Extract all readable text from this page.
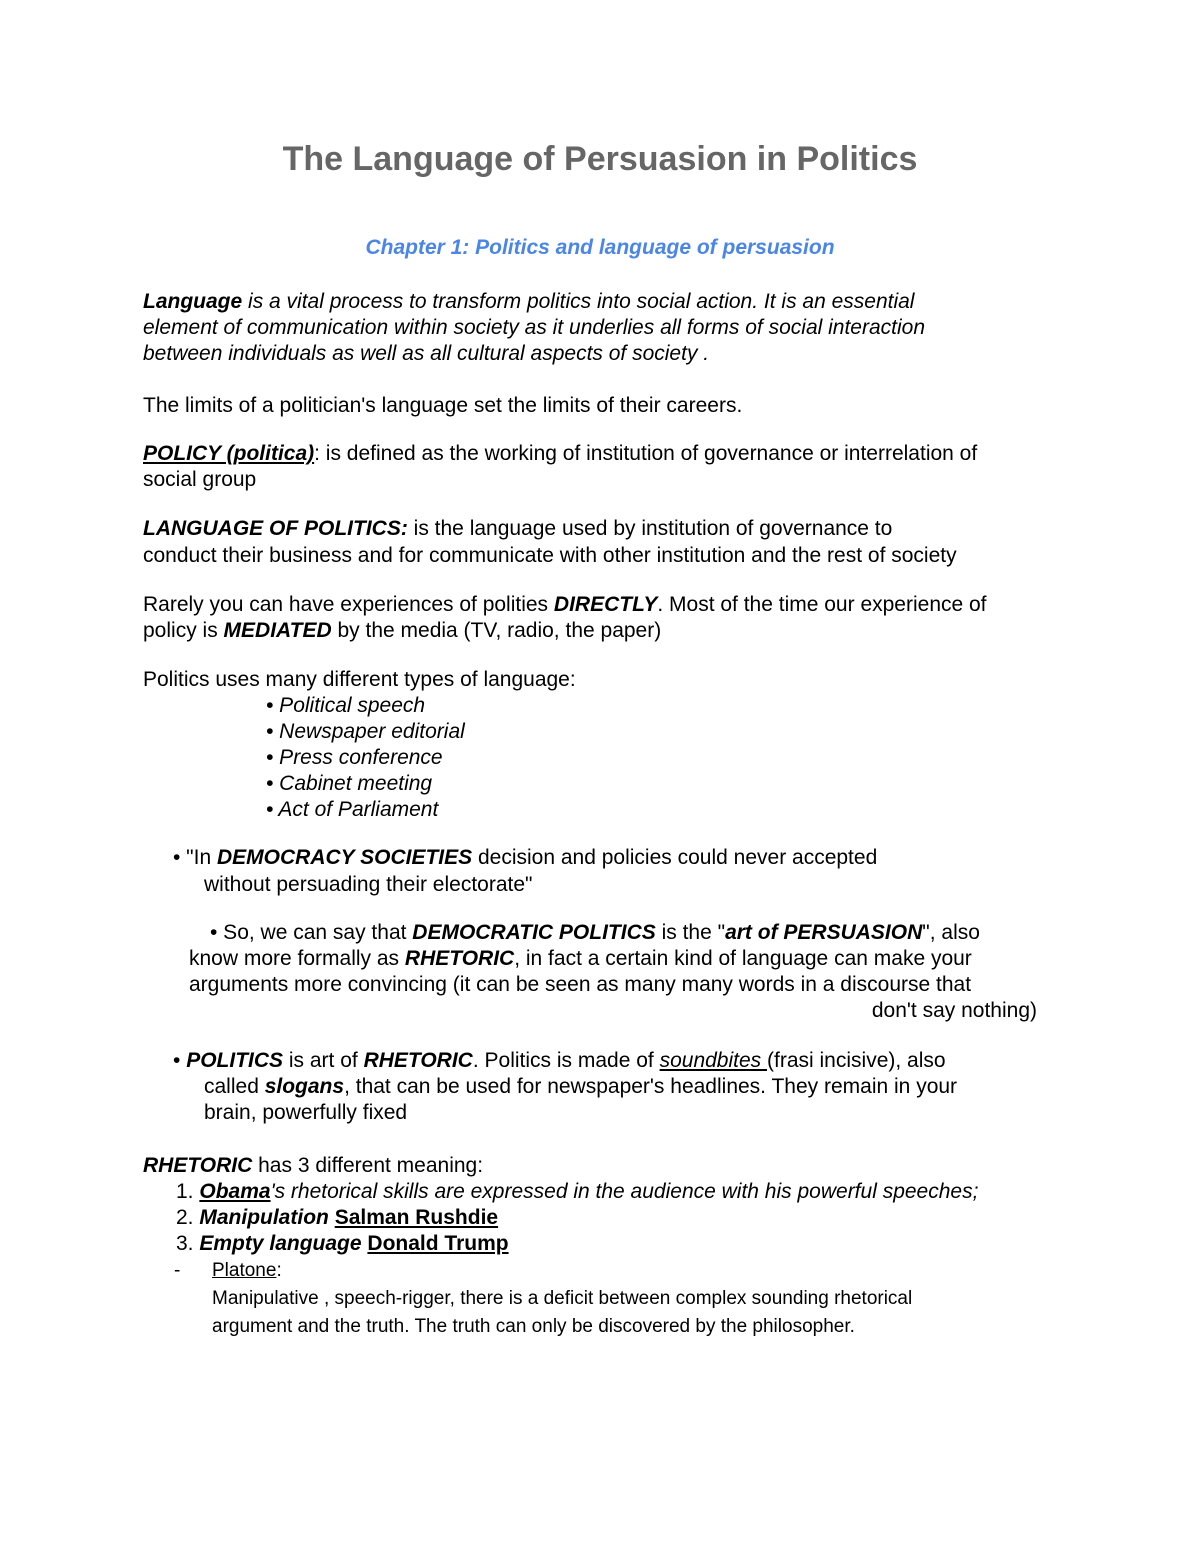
The Language of Persuasion in Politics
Chapter 1: Politics and language of persuasion
Language is a vital process to transform politics into social action. It is an essential
element of communication within society as it underlies all forms of social interaction
between individuals as well as all cultural aspects of society .
The limits of a politician's language set the limits of their careers.
POLICY (politica): is defined as the working of institution of governance or interrelation of
social group
LANGUAGE OF POLITICS: is the language used by institution of governance to
conduct their business and for communicate with other institution and the rest of society
Rarely you can have experiences of polities DIRECTLY. Most of the time our experience of
policy is MEDIATED by the media (TV, radio, the paper)
Politics uses many different types of language:
• Political speech
• Newspaper editorial
• Press conference
• Cabinet meeting
• Act of Parliament
• "In DEMOCRACY SOCIETIES decision and policies could never accepted
without persuading their electorate"
• So, we can say that DEMOCRATIC POLITICS is the "art of PERSUASION", also
know more formally as RHETORIC, in fact a certain kind of language can make your
arguments more convincing (it can be seen as many many words in a discourse that
don't say nothing)
• POLITICS is art of RHETORIC. Politics is made of soundbites (frasi incisive), also
called slogans, that can be used for newspaper's headlines. They remain in your
brain, powerfully fixed
RHETORIC has 3 different meaning:
1. Obama's rhetorical skills are expressed in the audience with his powerful speeches;
2. Manipulation Salman Rushdie
3. Empty language Donald Trump
- Platone:
Manipulative , speech-rigger, there is a deficit between complex sounding rhetorical
argument and the truth. The truth can only be discovered by the philosopher.
